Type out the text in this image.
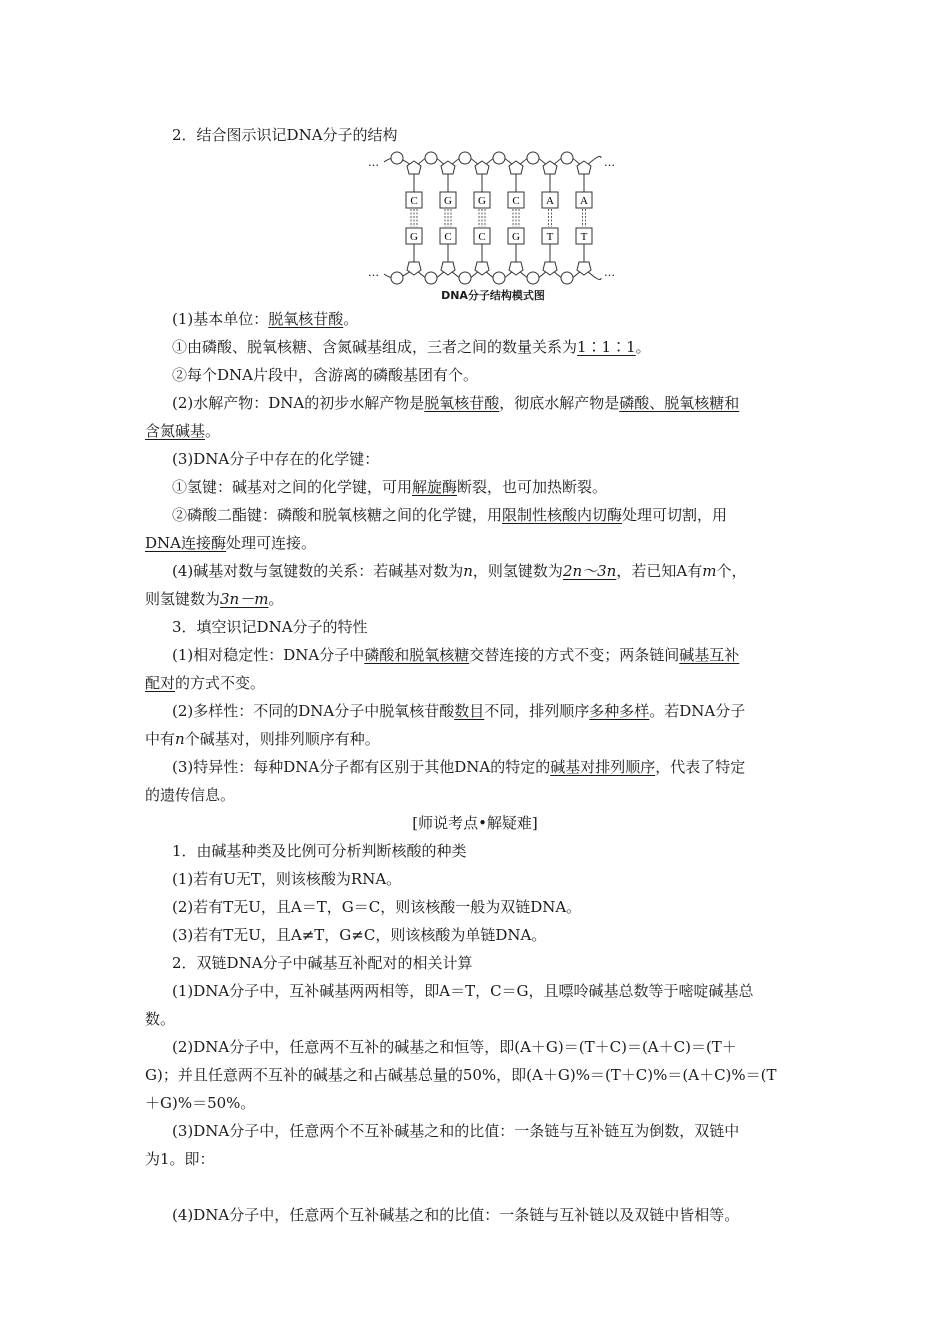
2．结合图示识记DNA分子的结构
…	…
…	…
C
G
G
C
G
C
C
G
A
T
A
T
DNA分子结构模式图
(1)基本单位：脱氧核苷酸。
①由磷酸、脱氧核糖、含氮碱基组成，三者之间的数量关系为1∶1∶1。
②每个DNA片段中，含游离的磷酸基团有个。
(2)水解产物：DNA的初步水解产物是脱氧核苷酸，彻底水解产物是磷酸、脱氧核糖和
含氮碱基。
(3)DNA分子中存在的化学键：
①氢键：碱基对之间的化学键，可用解旋酶断裂，也可加热断裂。
②磷酸二酯键：磷酸和脱氧核糖之间的化学键，用限制性核酸内切酶处理可切割，用
DNA连接酶处理可连接。
(4)碱基对数与氢键数的关系：若碱基对数为n，则氢键数为2n～3n，若已知A有m个，
则氢键数为3n－m。
3．填空识记DNA分子的特性
(1)相对稳定性：DNA分子中磷酸和脱氧核糖交替连接的方式不变；两条链间碱基互补
配对的方式不变。
(2)多样性：不同的DNA分子中脱氧核苷酸数目不同，排列顺序多种多样。若DNA分子
中有n个碱基对，则排列顺序有种。
(3)特异性：每种DNA分子都有区别于其他DNA的特定的碱基对排列顺序，代表了特定
的遗传信息。
[师说考点•解疑难]
1．由碱基种类及比例可分析判断核酸的种类
(1)若有U无T，则该核酸为RNA。
(2)若有T无U，且A＝T，G＝C，则该核酸一般为双链DNA。
(3)若有T无U，且A≠T，G≠C，则该核酸为单链DNA。
2．双链DNA分子中碱基互补配对的相关计算
(1)DNA分子中，互补碱基两两相等，即A＝T，C＝G，且嘌呤碱基总数等于嘧啶碱基总
数。
(2)DNA分子中，任意两不互补的碱基之和恒等，即(A＋G)＝(T＋C)＝(A＋C)＝(T＋
G)；并且任意两不互补的碱基之和占碱基总量的50%，即(A＋G)%＝(T＋C)%＝(A＋C)%＝(T
＋G)%＝50%。
(3)DNA分子中，任意两个不互补碱基之和的比值：一条链与互补链互为倒数，双链中
为1。即：
(4)DNA分子中，任意两个互补碱基之和的比值：一条链与互补链以及双链中皆相等。
